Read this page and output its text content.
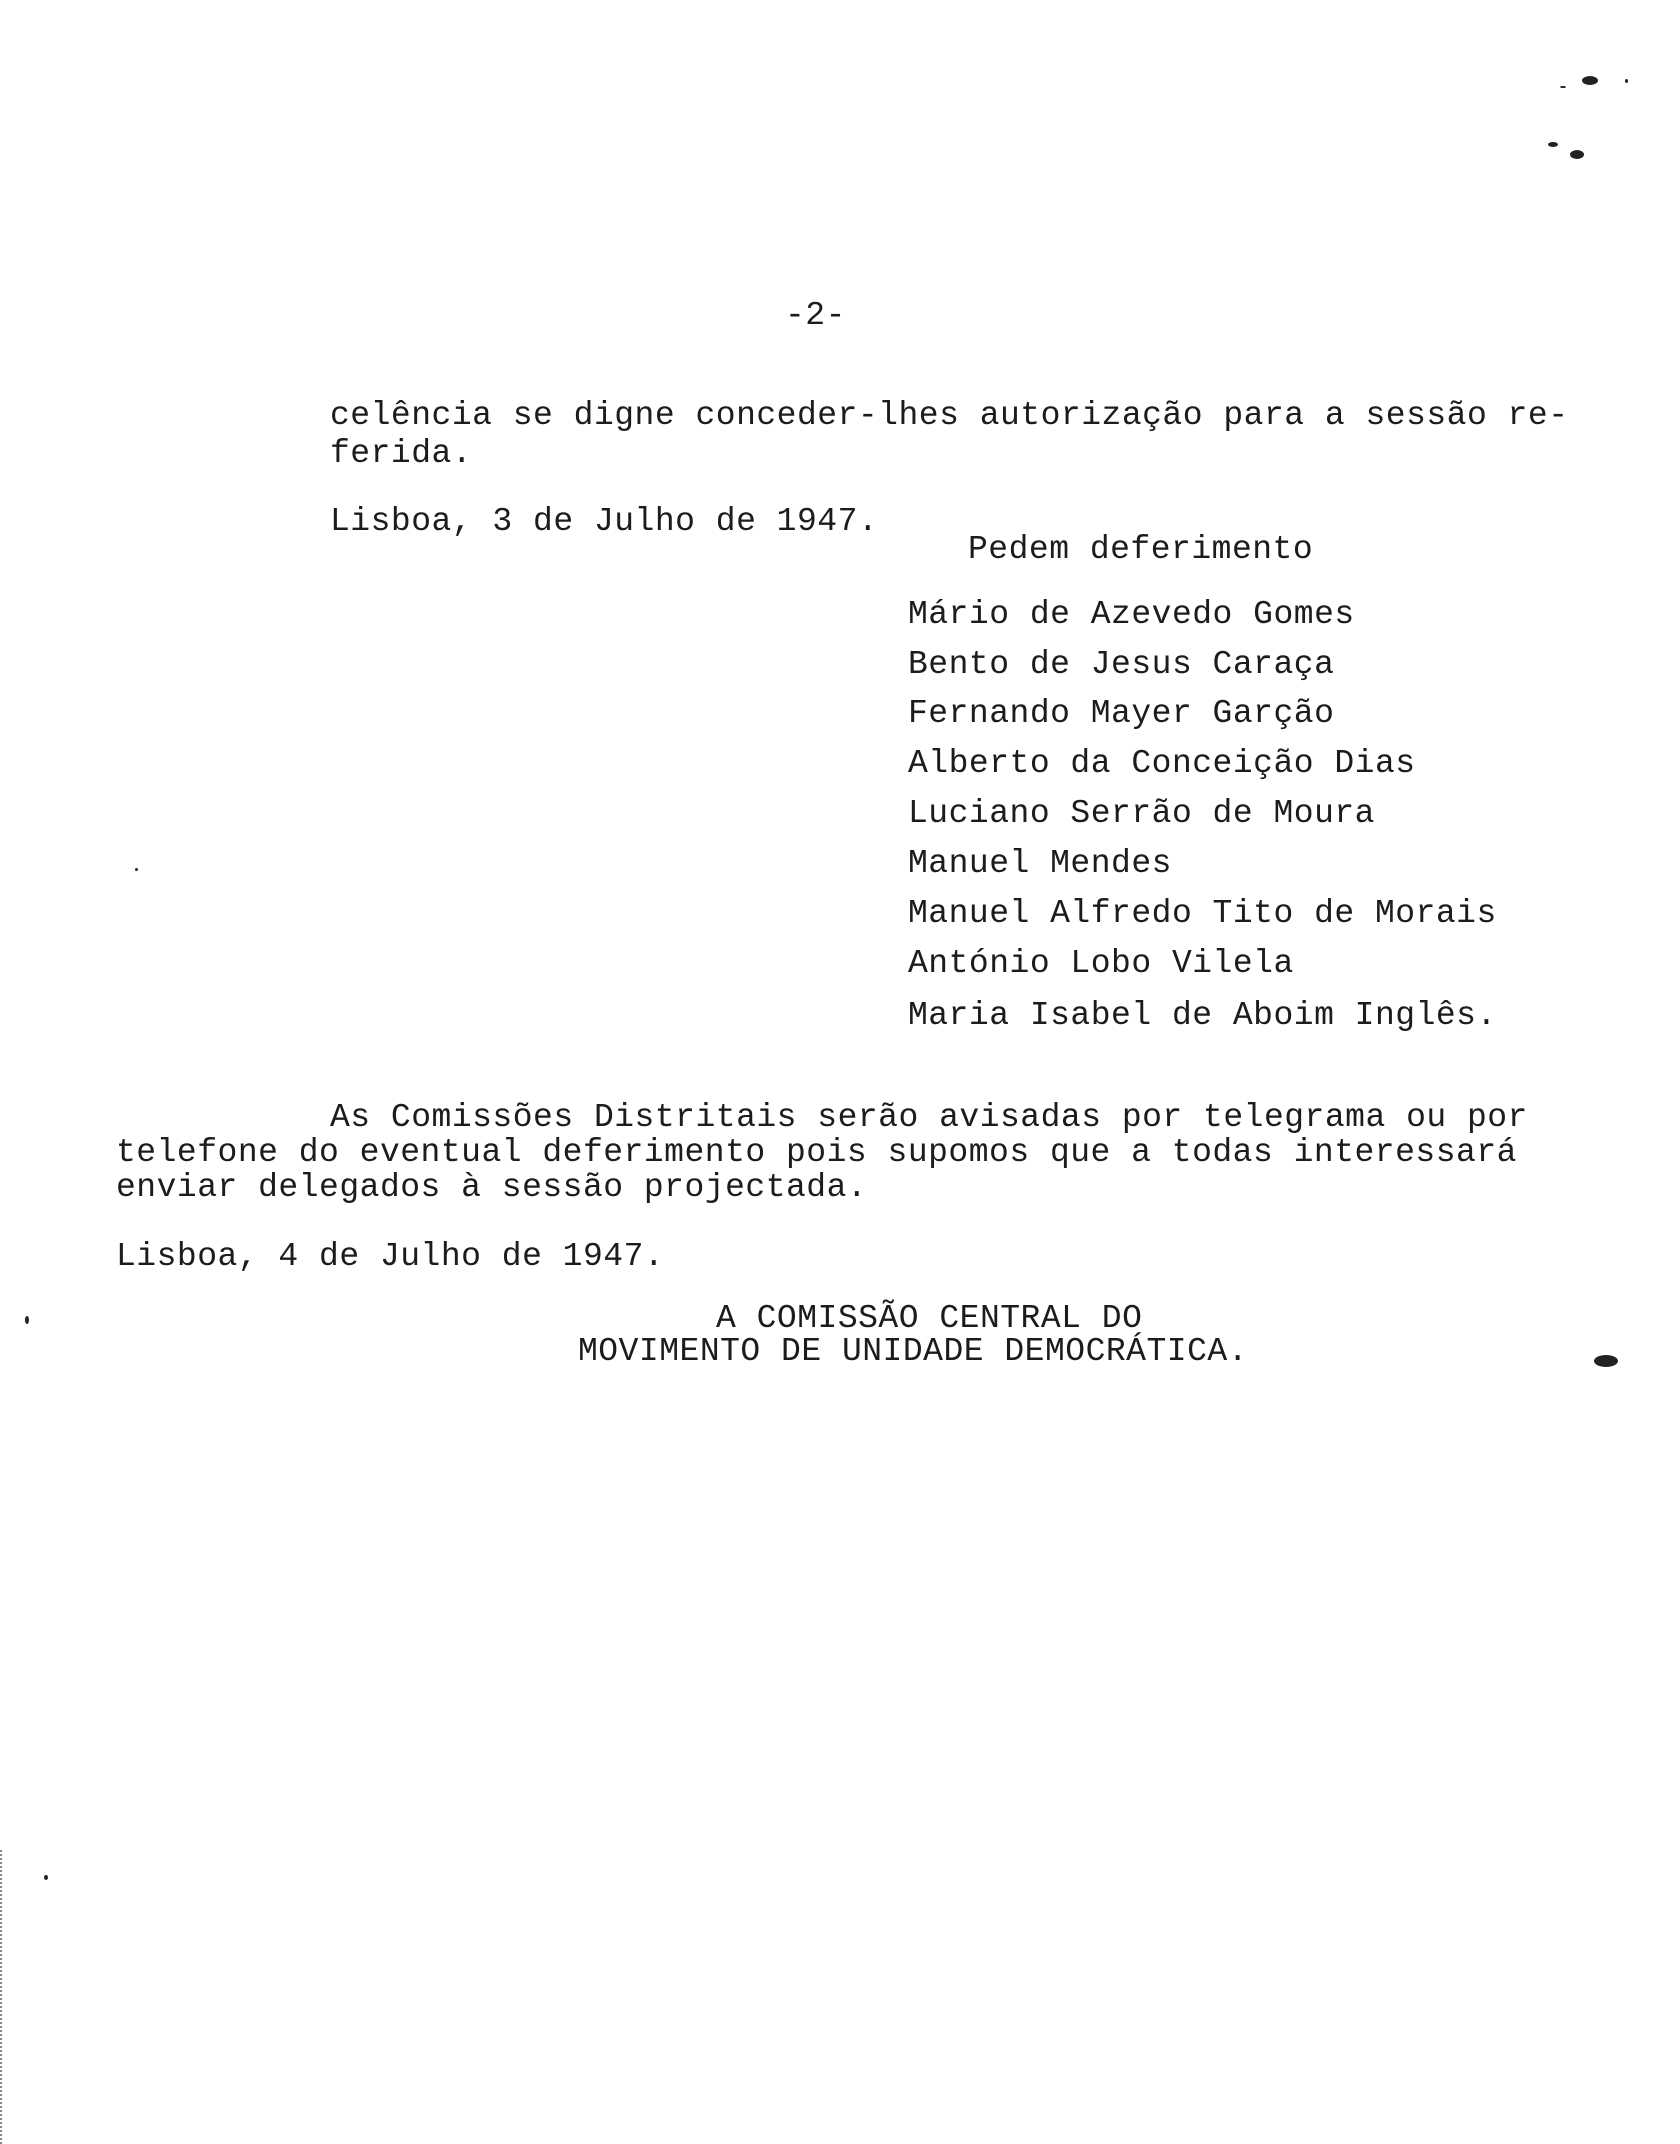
-2-
celência se digne conceder-lhes autorização para a sessão re-
ferida.
Lisboa, 3 de Julho de 1947.
Pedem deferimento
Mário de Azevedo Gomes
Bento de Jesus Caraça
Fernando Mayer Garção
Alberto da Conceição Dias
Luciano Serrão de Moura
Manuel Mendes
Manuel Alfredo Tito de Morais
António Lobo Vilela
Maria Isabel de Aboim Inglês.
As Comissões Distritais serão avisadas por telegrama ou por
telefone do eventual deferimento pois supomos que a todas interessará
enviar delegados à sessão projectada.
Lisboa, 4 de Julho de 1947.
A COMISSÃO CENTRAL DO
MOVIMENTO DE UNIDADE DEMOCRÁTICA.
